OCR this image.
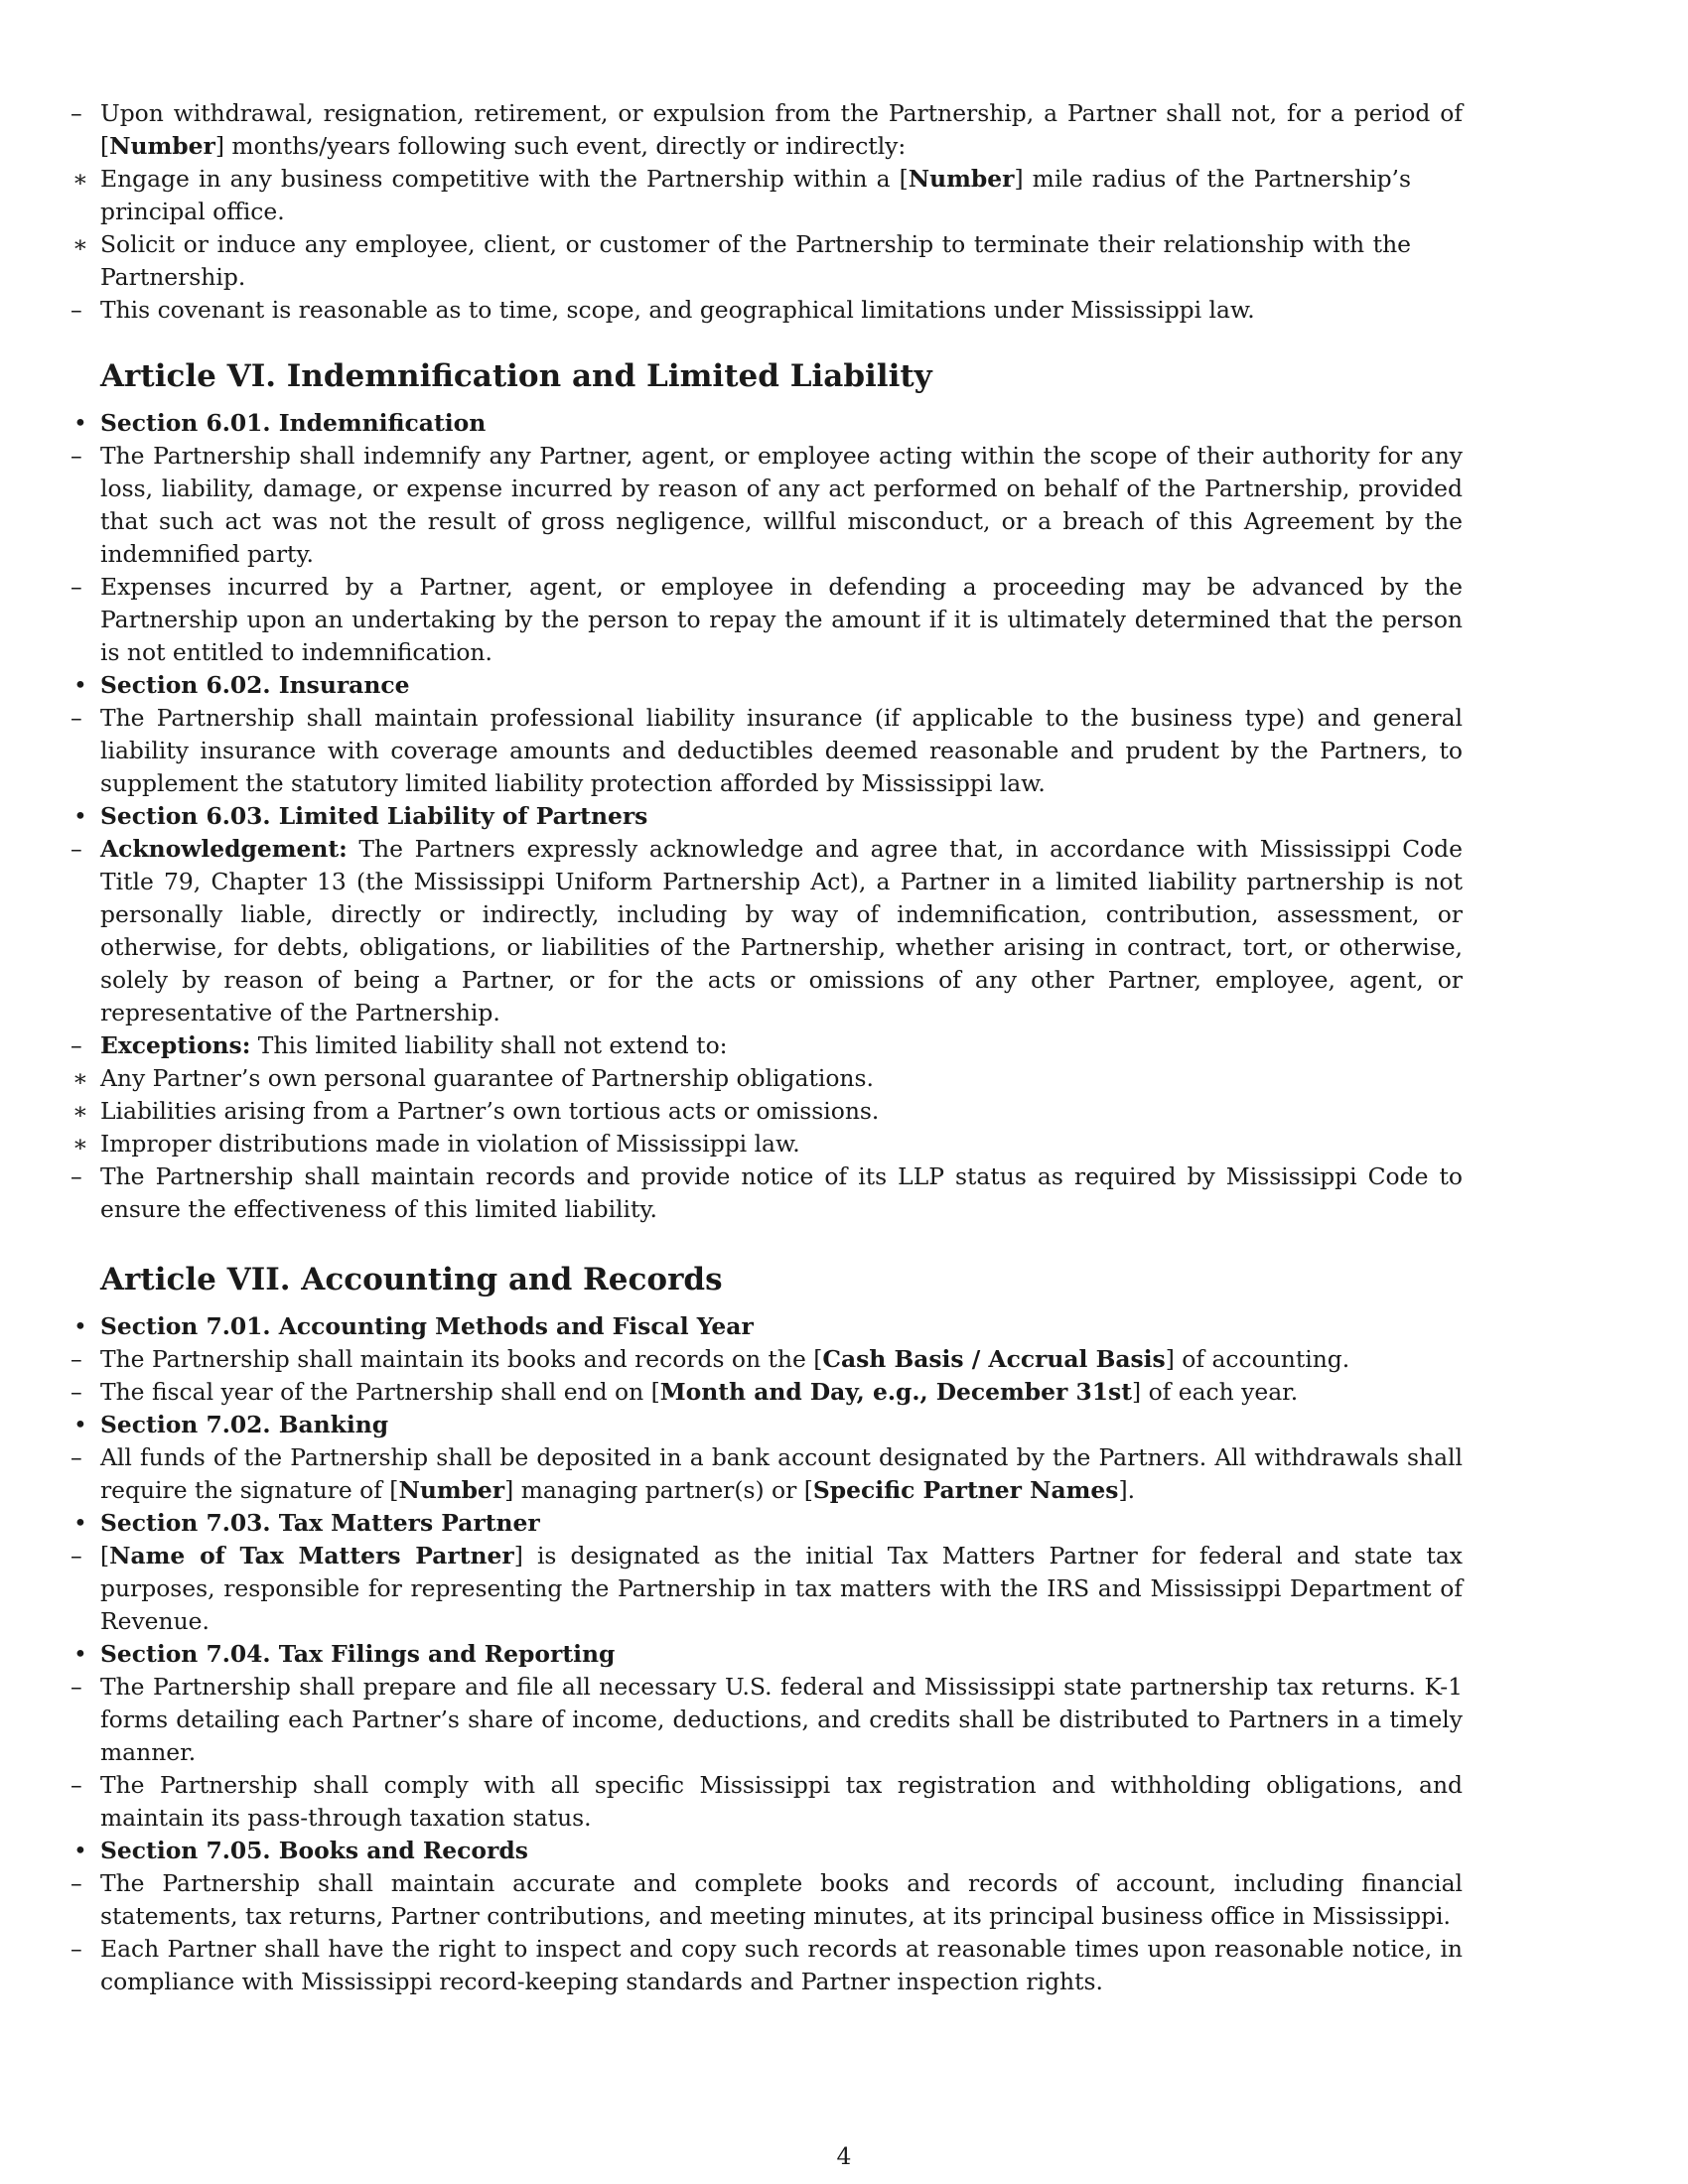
– Upon withdrawal, resignation, retirement, or expulsion from the Partnership, a Partner shall not, for a period of [Number] months/years following such event, directly or indirectly:

∗ Engage in any business competitive with the Partnership within a [Number] mile radius of the Partnership’s principal office.

∗ Solicit or induce any employee, client, or customer of the Partnership to terminate their relationship with the Partnership.

– This covenant is reasonable as to time, scope, and geographical limitations under Mississippi law.

Article VI. Indemnification and Limited Liability

• Section 6.01. Indemnification

– The Partnership shall indemnify any Partner, agent, or employee acting within the scope of their authority for any loss, liability, damage, or expense incurred by reason of any act performed on behalf of the Partnership, provided that such act was not the result of gross negligence, willful misconduct, or a breach of this Agreement by the indemnified party.

– Expenses incurred by a Partner, agent, or employee in defending a proceeding may be advanced by the Partnership upon an undertaking by the person to repay the amount if it is ultimately determined that the person is not entitled to indemnification.

• Section 6.02. Insurance

– The Partnership shall maintain professional liability insurance (if applicable to the business type) and general liability insurance with coverage amounts and deductibles deemed reasonable and prudent by the Partners, to supplement the statutory limited liability protection afforded by Mississippi law.

• Section 6.03. Limited Liability of Partners

– Acknowledgement: The Partners expressly acknowledge and agree that, in accordance with Mississippi Code Title 79, Chapter 13 (the Mississippi Uniform Partnership Act), a Partner in a limited liability partnership is not personally liable, directly or indirectly, including by way of indemnification, contribution, assessment, or otherwise, for debts, obligations, or liabilities of the Partnership, whether arising in contract, tort, or otherwise, solely by reason of being a Partner, or for the acts or omissions of any other Partner, employee, agent, or representative of the Partnership.

– Exceptions: This limited liability shall not extend to:

∗ Any Partner’s own personal guarantee of Partnership obligations.

∗ Liabilities arising from a Partner’s own tortious acts or omissions.

∗ Improper distributions made in violation of Mississippi law.

– The Partnership shall maintain records and provide notice of its LLP status as required by Mississippi Code to ensure the effectiveness of this limited liability.

Article VII. Accounting and Records

• Section 7.01. Accounting Methods and Fiscal Year

– The Partnership shall maintain its books and records on the [Cash Basis / Accrual Basis] of accounting.

– The fiscal year of the Partnership shall end on [Month and Day, e.g., December 31st] of each year.

• Section 7.02. Banking

– All funds of the Partnership shall be deposited in a bank account designated by the Partners. All withdrawals shall require the signature of [Number] managing partner(s) or [Specific Partner Names].

• Section 7.03. Tax Matters Partner

– [Name of Tax Matters Partner] is designated as the initial Tax Matters Partner for federal and state tax purposes, responsible for representing the Partnership in tax matters with the IRS and Mississippi Department of Revenue.

• Section 7.04. Tax Filings and Reporting

– The Partnership shall prepare and file all necessary U.S. federal and Mississippi state partnership tax returns. K-1 forms detailing each Partner’s share of income, deductions, and credits shall be distributed to Partners in a timely manner.

– The Partnership shall comply with all specific Mississippi tax registration and withholding obligations, and maintain its pass-through taxation status.

• Section 7.05. Books and Records

– The Partnership shall maintain accurate and complete books and records of account, including financial statements, tax returns, Partner contributions, and meeting minutes, at its principal business office in Mississippi.

– Each Partner shall have the right to inspect and copy such records at reasonable times upon reasonable notice, in compliance with Mississippi record-keeping standards and Partner inspection rights.

4
